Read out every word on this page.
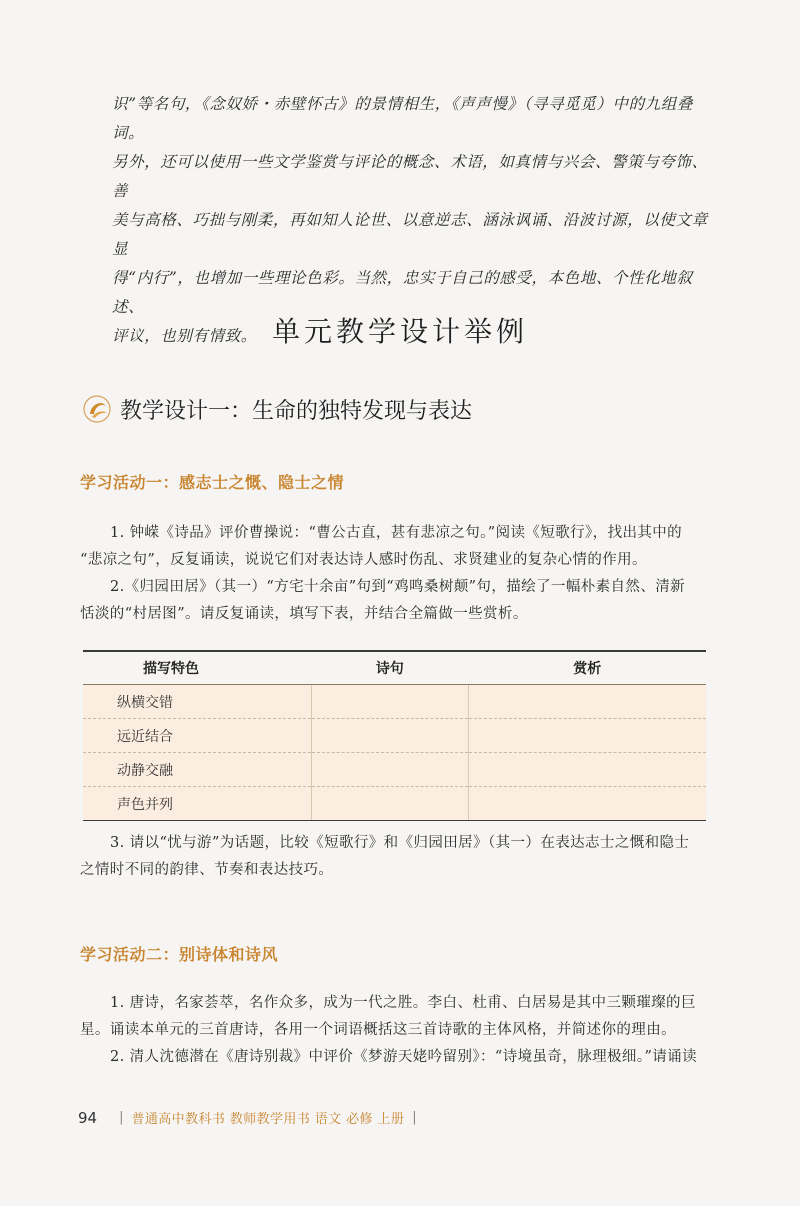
识”等名句，《念奴娇・赤壁怀古》的景情相生，《声声慢》（寻寻觅觅）中的九组叠词。

另外，还可以使用一些文学鉴赏与评论的概念、术语，如真情与兴会、警策与夸饰、善

美与高格、巧拙与刚柔，再如知人论世、以意逆志、涵泳讽诵、沿波讨源，以使文章显

得“内行”，也增加一些理论色彩。当然，忠实于自己的感受，本色地、个性化地叙述、

评议，也别有情致。 单元教学设计举例
教学设计一：生命的独特发现与表达
学习活动一：感志士之慨、隐士之情
1. 钟嵘《诗品》评价曹操说：“曹公古直，甚有悲凉之句。”阅读《短歌行》，找出其中的
“悲凉之句”，反复诵读，说说它们对表达诗人感时伤乱、求贤建业的复杂心情的作用。
2.《归园田居》（其一）“方宅十余亩”句到“鸡鸣桑树颠”句，描绘了一幅朴素自然、清新
恬淡的“村居图”。请反复诵读，填写下表，并结合全篇做一些赏析。
描写特色	诗句	赏析
纵横交错		
远近结合		
动静交融		
声色并列		
3. 请以“忧与游”为话题，比较《短歌行》和《归园田居》（其一）在表达志士之慨和隐士
之情时不同的韵律、节奏和表达技巧。
学习活动二：别诗体和诗风
1. 唐诗，名家荟萃，名作众多，成为一代之胜。李白、杜甫、白居易是其中三颗璀璨的巨
星。诵读本单元的三首唐诗，各用一个词语概括这三首诗歌的主体风格，并简述你的理由。
2. 清人沈德潜在《唐诗别裁》中评价《梦游天姥吟留别》：“诗境虽奇，脉理极细。”请诵读
94 | 普通高中教科书 教师教学用书 语文 必修 上册 |
